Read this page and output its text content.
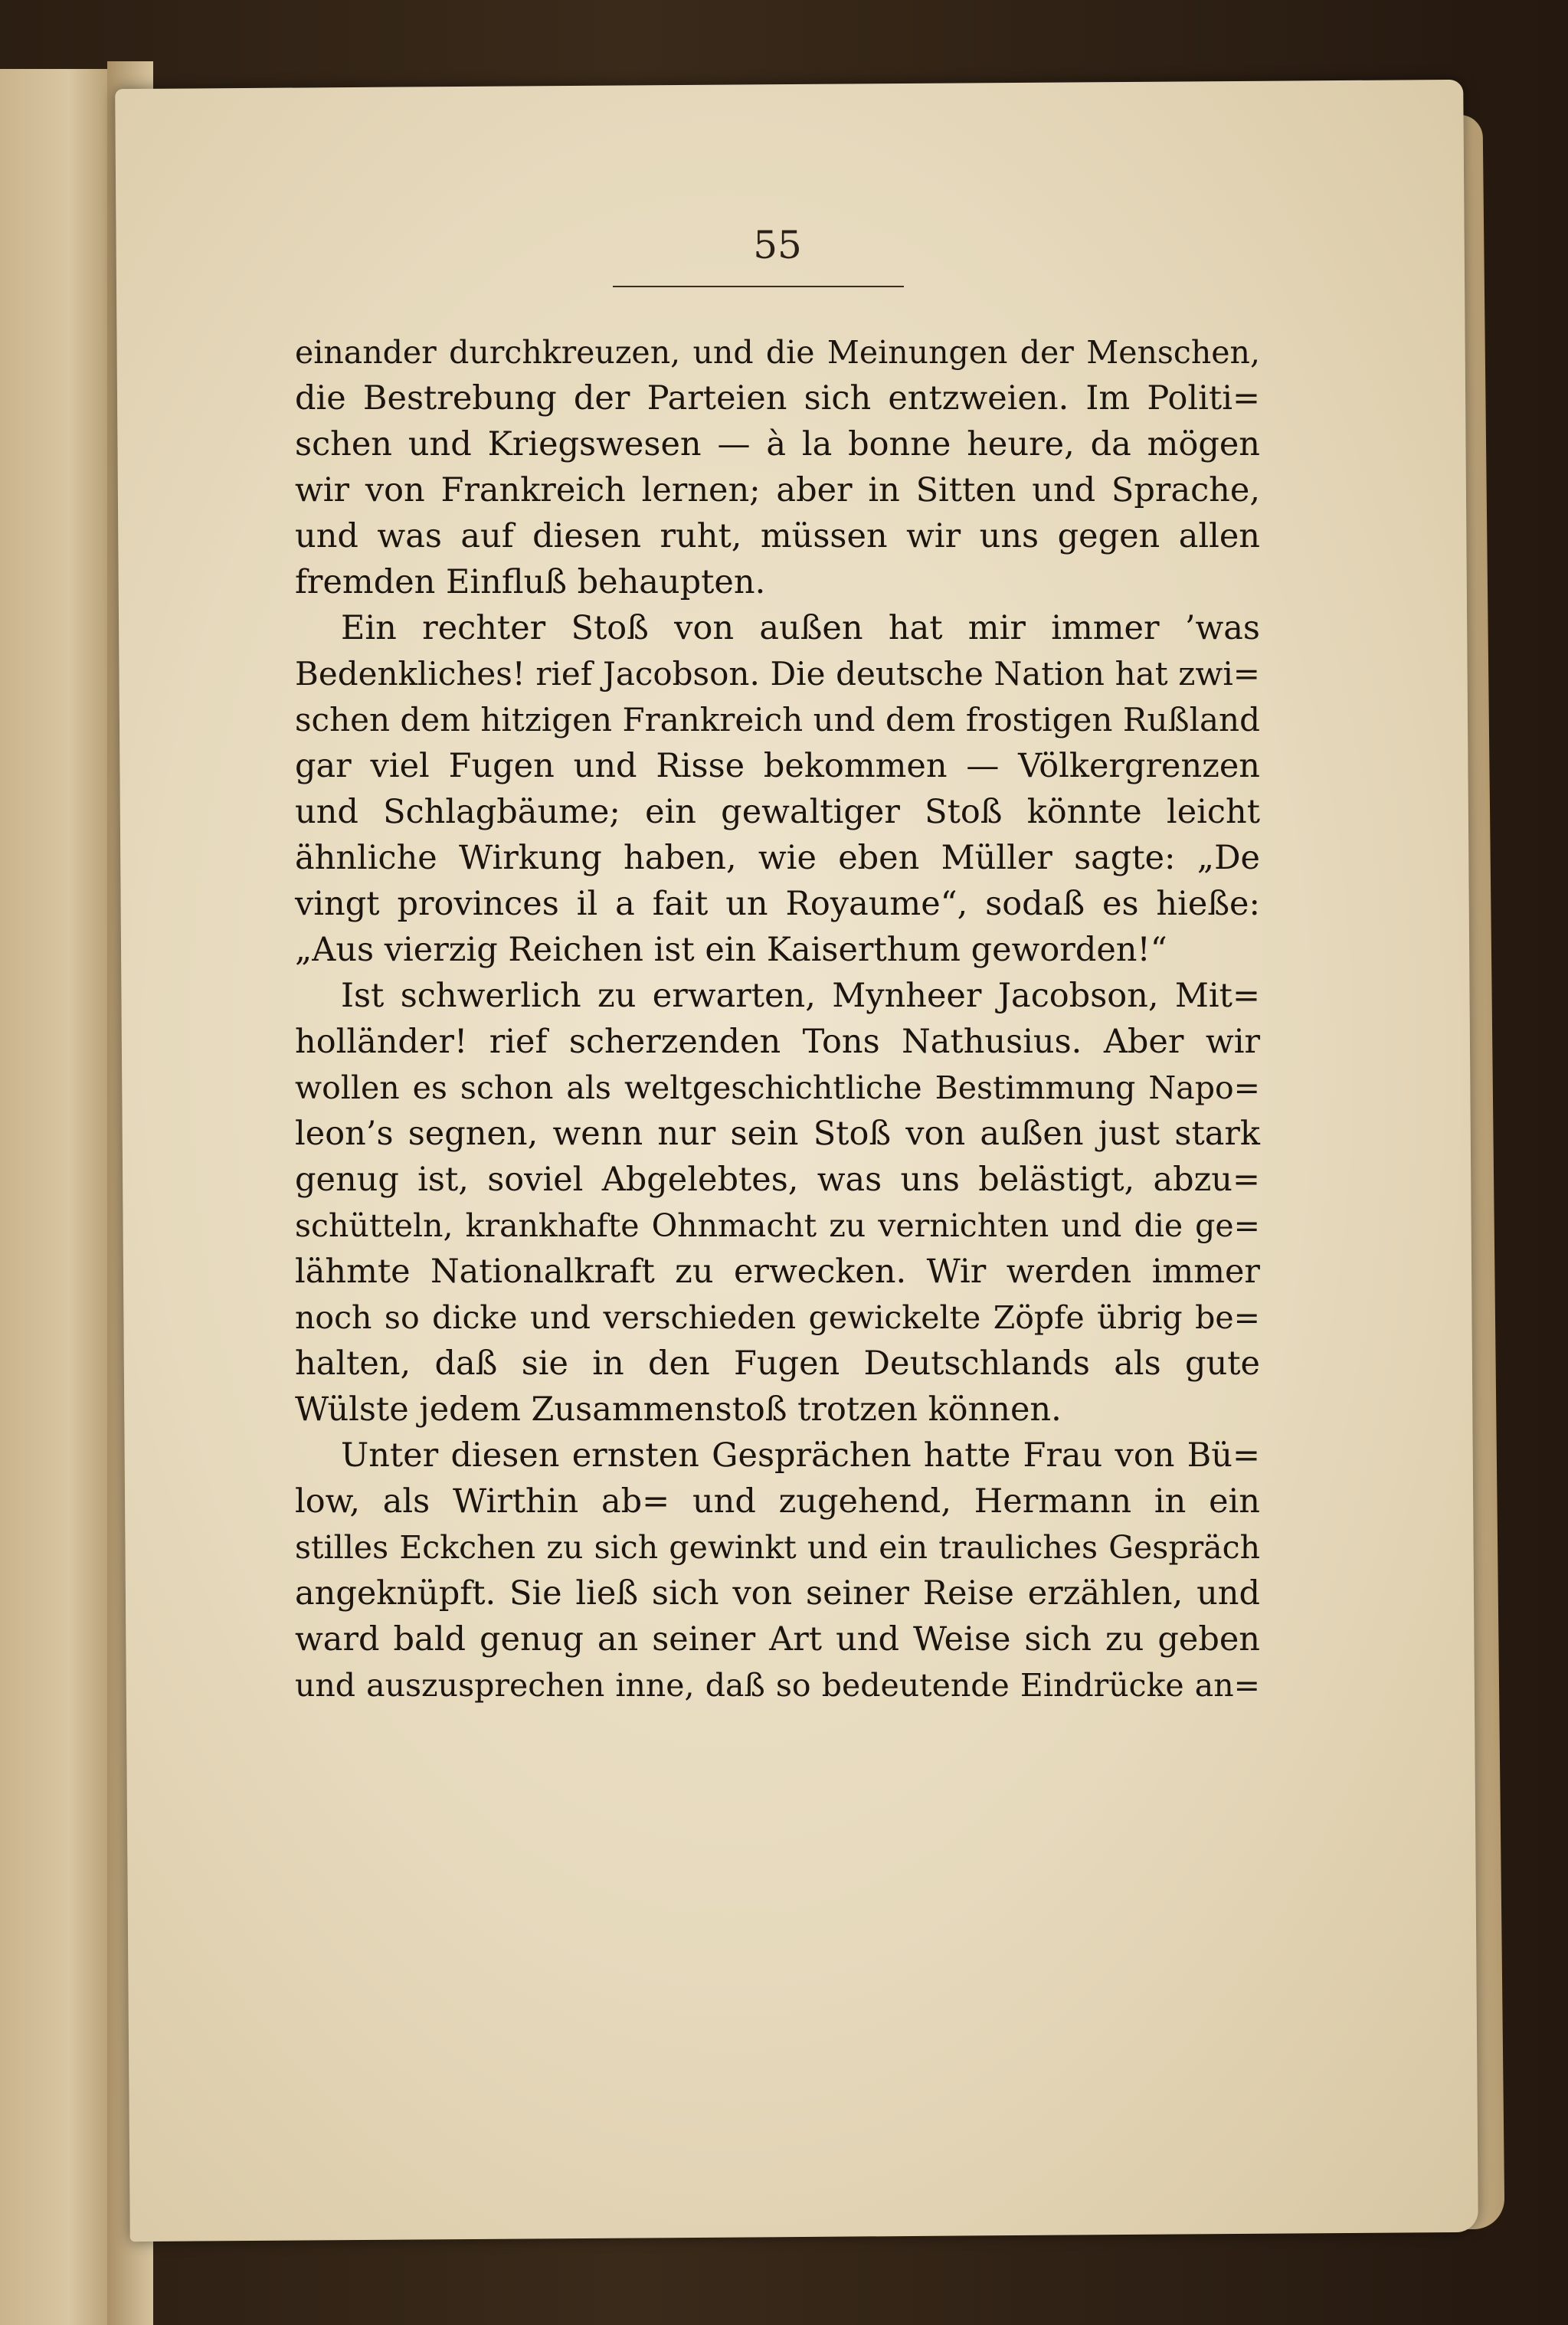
55
einander durchkreuzen, und die Meinungen der Menschen,
die Bestrebung der Parteien sich entzweien. Im Politi=
schen und Kriegswesen — à la bonne heure, da mögen
wir von Frankreich lernen; aber in Sitten und Sprache,
und was auf diesen ruht, müssen wir uns gegen allen
fremden Einfluß behaupten.
Ein rechter Stoß von außen hat mir immer ’was
Bedenkliches! rief Jacobson. Die deutsche Nation hat zwi=
schen dem hitzigen Frankreich und dem frostigen Rußland
gar viel Fugen und Risse bekommen — Völkergrenzen
und Schlagbäume; ein gewaltiger Stoß könnte leicht
ähnliche Wirkung haben, wie eben Müller sagte: „De
vingt provinces il a fait un Royaume“, sodaß es hieße:
„Aus vierzig Reichen ist ein Kaiserthum geworden!“
Ist schwerlich zu erwarten, Mynheer Jacobson, Mit=
holländer! rief scherzenden Tons Nathusius. Aber wir
wollen es schon als weltgeschichtliche Bestimmung Napo=
leon’s segnen, wenn nur sein Stoß von außen just stark
genug ist, soviel Abgelebtes, was uns belästigt, abzu=
schütteln, krankhafte Ohnmacht zu vernichten und die ge=
lähmte Nationalkraft zu erwecken. Wir werden immer
noch so dicke und verschieden gewickelte Zöpfe übrig be=
halten, daß sie in den Fugen Deutschlands als gute
Wülste jedem Zusammenstoß trotzen können.
Unter diesen ernsten Gesprächen hatte Frau von Bü=
low, als Wirthin ab= und zugehend, Hermann in ein
stilles Eckchen zu sich gewinkt und ein trauliches Gespräch
angeknüpft. Sie ließ sich von seiner Reise erzählen, und
ward bald genug an seiner Art und Weise sich zu geben
und auszusprechen inne, daß so bedeutende Eindrücke an=
